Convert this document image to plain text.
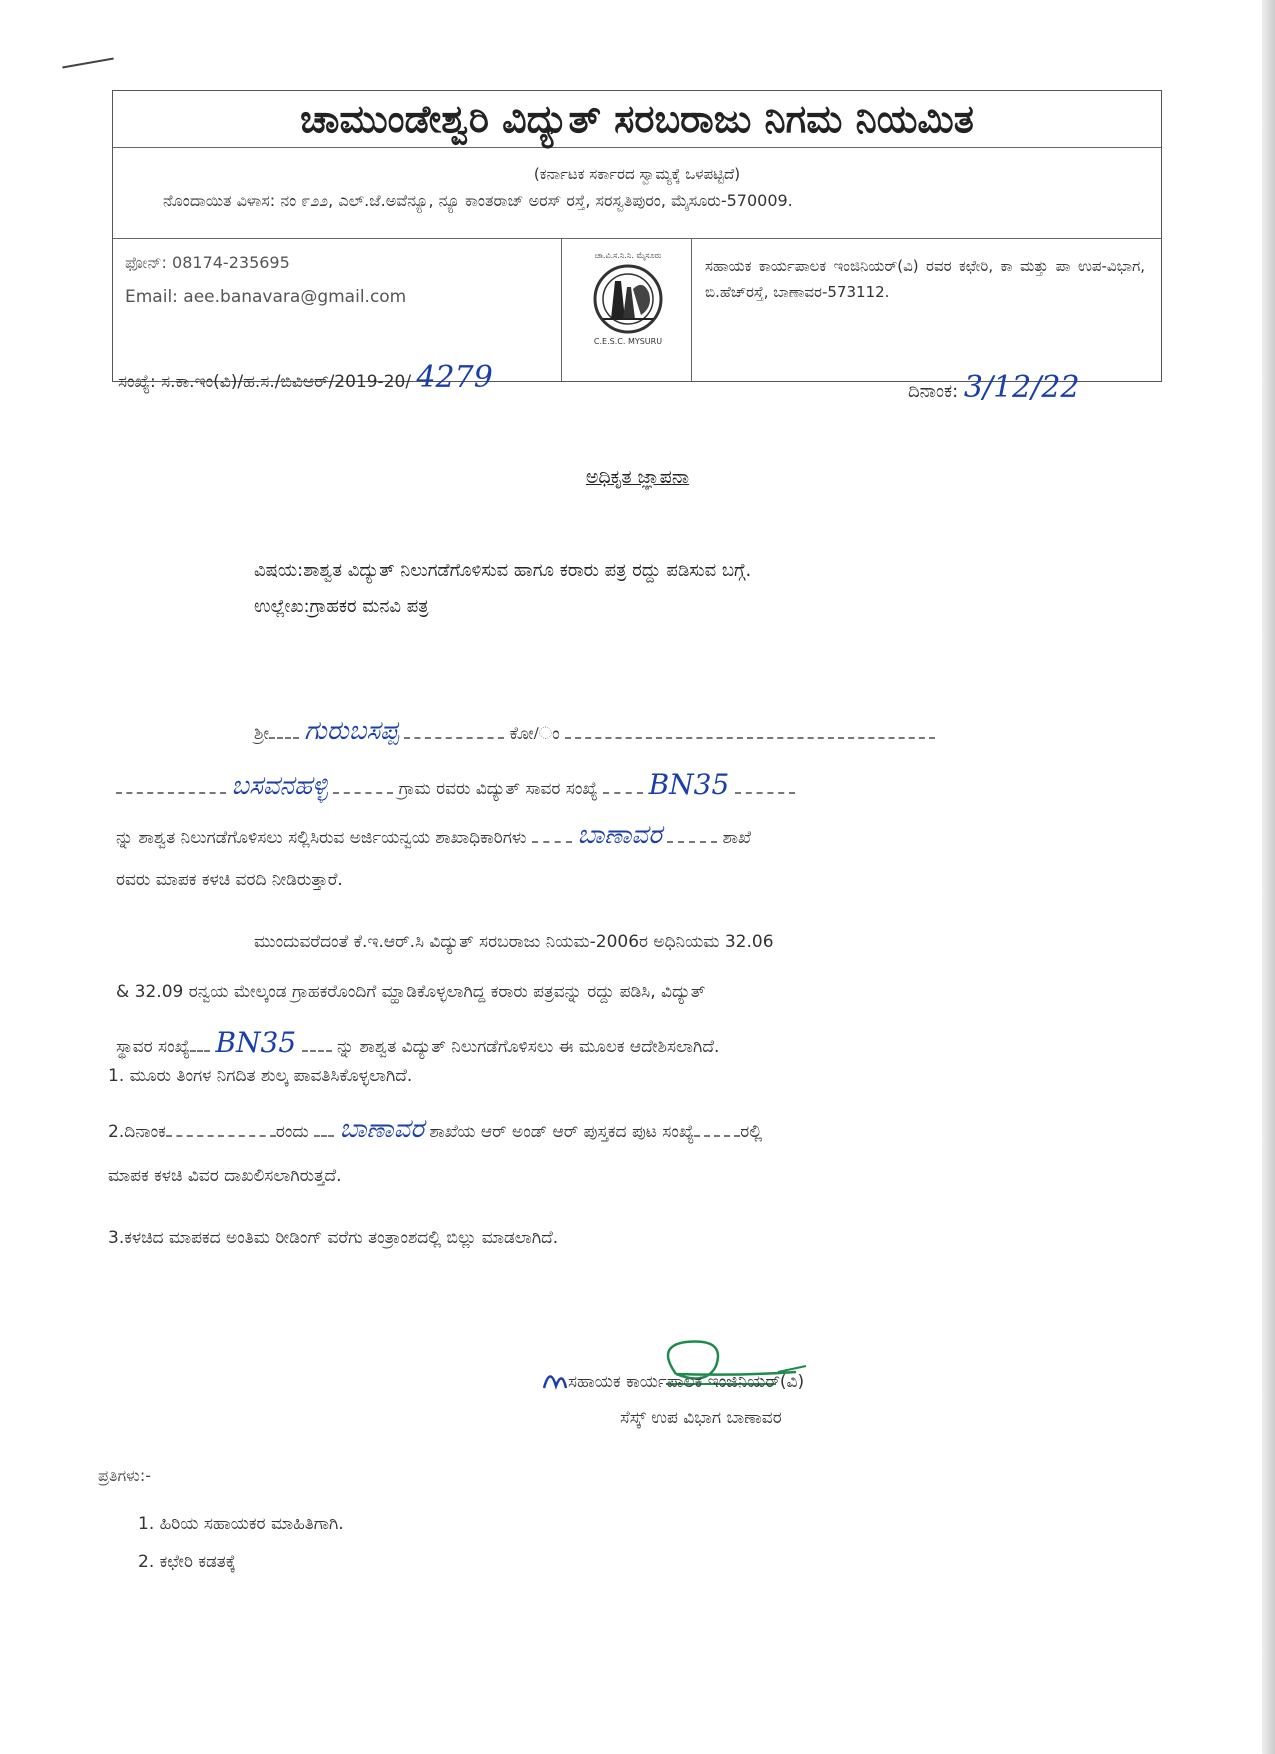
ಚಾಮುಂಡೇಶ್ವರಿ ವಿದ್ಯುತ್ ಸರಬರಾಜು ನಿಗಮ ನಿಯಮಿತ
(ಕರ್ನಾಟಕ ಸರ್ಕಾರದ ಸ್ವಾಮ್ಯಕ್ಕೆ ಒಳಪಟ್ಟಿದೆ)
ನೊಂದಾಯಿತ ವಿಳಾಸ: ನಂ ೯೨೨, ಎಲ್.ಜೆ.ಅವೆನ್ಯೂ, ನ್ಯೂ ಕಾಂತರಾಜ್ ಅರಸ್ ರಸ್ತೆ, ಸರಸ್ವತಿಪುರಂ, ಮೈಸೂರು-570009.
ಫೋನ್: 08174-235695
Email: aee.banavara@gmail.com
ಚಾ.ವಿ.ಸ.ನಿ.ನಿ. ಮೈಸೂರು
C.E.S.C. MYSURU
ಸಹಾಯಕ ಕಾರ್ಯಪಾಲಕ ಇಂಜಿನಿಯರ್(ವಿ) ರವರ ಕಛೇರಿ, ಕಾ ಮತ್ತು ಪಾ ಉಪ-ವಿಭಾಗ, ಬಿ.ಹೆಚ್‌ರಸ್ತೆ, ಬಾಣಾವರ-573112.
ಸಂಖ್ಯೆ: ಸ.ಕಾ.ಇಂ(ವಿ)/ಹ.ಸ./ಬಿವಿಆರ್/2019-20/ 4279	ದಿನಾಂಕ: 3/12/22
ಅಧಿಕೃತ ಜ್ಞಾಪನಾ
ವಿಷಯ:ಶಾಶ್ವತ ವಿದ್ಯುತ್ ನಿಲುಗಡೆಗೊಳಿಸುವ ಹಾಗೂ ಕರಾರು ಪತ್ರ ರದ್ದು ಪಡಿಸುವ ಬಗ್ಗೆ.
ಉಲ್ಲೇಖ:ಗ್ರಾಹಕರ ಮನವಿ ಪತ್ರ
ಶ್ರೀ ಗುರುಬಸಪ್ಪ	ಕೋ/ಂ
ಬಸವನಹಳ್ಳಿ	ಗ್ರಾಮ ರವರು ವಿದ್ಯುತ್ ಸಾವರ ಸಂಖ್ಯೆ BN35
ನ್ನು ಶಾಶ್ವತ ನಿಲುಗಡೆಗೊಳಿಸಲು ಸಲ್ಲಿಸಿರುವ ಅರ್ಜಿಯನ್ವಯ ಶಾಖಾಧಿಕಾರಿಗಳು ಬಾಣಾವರ	ಶಾಖೆ
ರವರು ಮಾಪಕ ಕಳಚಿ ವರದಿ ನೀಡಿರುತ್ತಾರೆ.
ಮುಂದುವರೆದಂತೆ ಕೆ.ಇ.ಆರ್.ಸಿ ವಿದ್ಯುತ್ ಸರಬರಾಜು ನಿಯಮ-2006ರ ಅಧಿನಿಯಮ 32.06
& 32.09 ರನ್ವಯ ಮೇಲ್ಕಂಡ ಗ್ರಾಹಕರೊಂದಿಗೆ ಮ್ಹಾಡಿಕೊಳ್ಳಲಾಗಿದ್ದ ಕರಾರು ಪತ್ರವನ್ನು ರದ್ದು ಪಡಿಸಿ, ವಿದ್ಯುತ್
ಸ್ಥಾವರ ಸಂಖ್ಯೆ BN35 ನ್ನು ಶಾಶ್ವತ ವಿದ್ಯುತ್ ನಿಲುಗಡೆಗೊಳಿಸಲು ಈ ಮೂಲಕ ಆದೇಶಿಸಲಾಗಿದೆ.
1. ಮೂರು ತಿಂಗಳ ನಿಗದಿತ ಶುಲ್ಕ ಪಾವತಿಸಿಕೊಳ್ಳಲಾಗಿದೆ.
2.ದಿನಾಂಕ	ರಂದು ಬಾಣಾವರ ಶಾಖೆಯ ಆರ್ ಅಂಡ್ ಆರ್ ಪುಸ್ತಕದ ಪುಟ ಸಂಖ್ಯೆ	ರಲ್ಲಿ
ಮಾಪಕ ಕಳಚಿ ವಿವರ ದಾಖಲಿಸಲಾಗಿರುತ್ತದೆ.
3.ಕಳಚಿದ ಮಾಪಕದ ಅಂತಿಮ ರೀಡಿಂಗ್ ವರೆಗು ತಂತ್ರಾಂಶದಲ್ಲಿ ಬಿಲ್ಲು ಮಾಡಲಾಗಿದೆ.
ಸಹಾಯಕ ಕಾರ್ಯಪಾಲಕ ಇಂಜಿನಿಯರ್(ವಿ)
ಸೆಸ್ಕ್ ಉಪ ವಿಭಾಗ ಬಾಣಾವರ
ಪ್ರತಿಗಳು:-
1. ಹಿರಿಯ ಸಹಾಯಕರ ಮಾಹಿತಿಗಾಗಿ.
2. ಕಛೇರಿ ಕಡತಕ್ಕೆ
